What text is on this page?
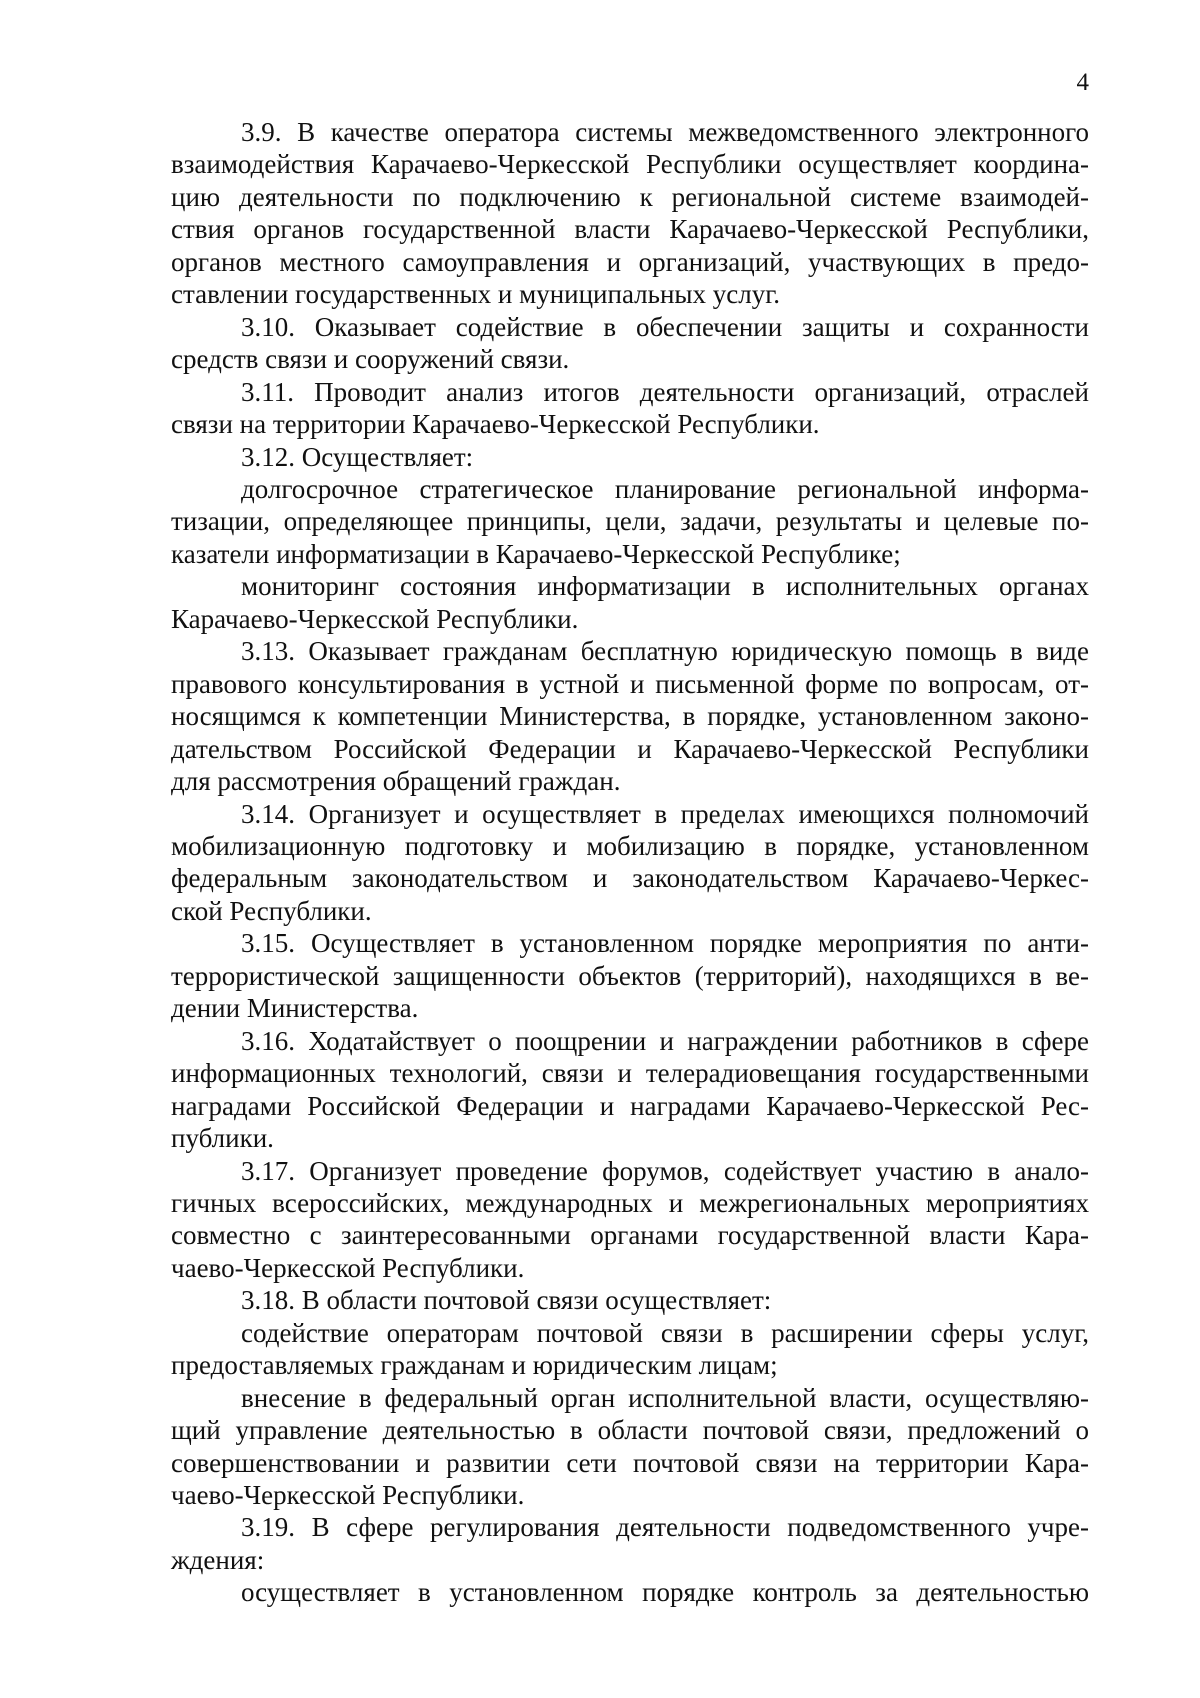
4
3.9. В качестве оператора системы межведомственного электронного
взаимодействия Карачаево-Черкесской Республики осуществляет координа-
цию деятельности по подключению к региональной системе взаимодей-
ствия органов государственной власти Карачаево-Черкесской Республики,
органов местного самоуправления и организаций, участвующих в предо-
ставлении государственных и муниципальных услуг.
3.10. Оказывает содействие в обеспечении защиты и сохранности
средств связи и сооружений связи.
3.11. Проводит анализ итогов деятельности организаций, отраслей
связи на территории Карачаево-Черкесской Республики.
3.12. Осуществляет:
долгосрочное стратегическое планирование региональной информа-
тизации, определяющее принципы, цели, задачи, результаты и целевые по-
казатели информатизации в Карачаево-Черкесской Республике;
мониторинг состояния информатизации в исполнительных органах
Карачаево-Черкесской Республики.
3.13. Оказывает гражданам бесплатную юридическую помощь в виде
правового консультирования в устной и письменной форме по вопросам, от-
носящимся к компетенции Министерства, в порядке, установленном законо-
дательством Российской Федерации и Карачаево-Черкесской Республики
для рассмотрения обращений граждан.
3.14. Организует и осуществляет в пределах имеющихся полномочий
мобилизационную подготовку и мобилизацию в порядке, установленном
федеральным законодательством и законодательством Карачаево-Черкес-
ской Республики.
3.15. Осуществляет в установленном порядке мероприятия по анти-
террористической защищенности объектов (территорий), находящихся в ве-
дении Министерства.
3.16. Ходатайствует о поощрении и награждении работников в сфере
информационных технологий, связи и телерадиовещания государственными
наградами Российской Федерации и наградами Карачаево-Черкесской Рес-
публики.
3.17. Организует проведение форумов, содействует участию в анало-
гичных всероссийских, международных и межрегиональных мероприятиях
совместно с заинтересованными органами государственной власти Кара-
чаево-Черкесской Республики.
3.18. В области почтовой связи осуществляет:
содействие операторам почтовой связи в расширении сферы услуг,
предоставляемых гражданам и юридическим лицам;
внесение в федеральный орган исполнительной власти, осуществляю-
щий управление деятельностью в области почтовой связи, предложений о
совершенствовании и развитии сети почтовой связи на территории Кара-
чаево-Черкесской Республики.
3.19. В сфере регулирования деятельности подведомственного учре-
ждения:
осуществляет в установленном порядке контроль за деятельностью
